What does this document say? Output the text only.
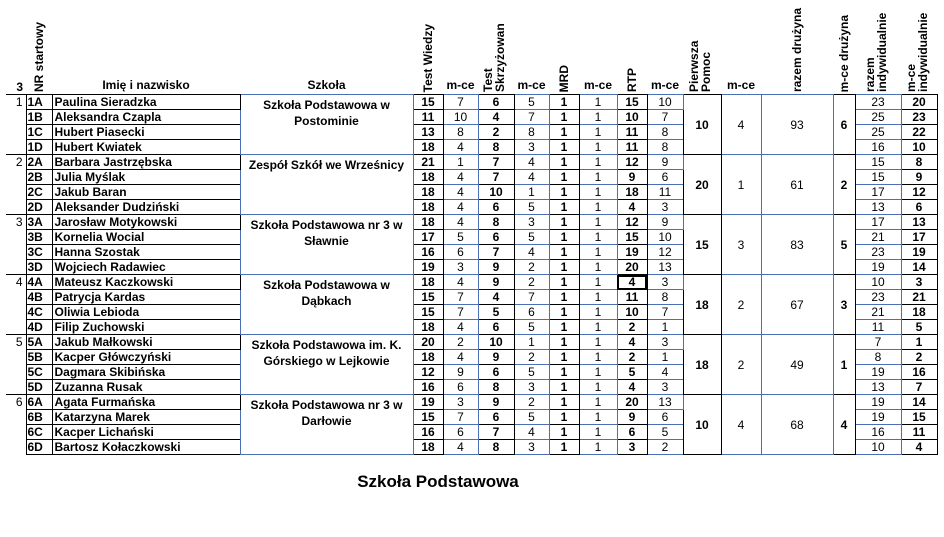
3	NR startowy	Imię i nazwisko	Szkoła	Test Wiedzy	m-ce	Test Skrzyżowan	m-ce	MRD	m-ce	RTP	m-ce	Pierwsza Pomoc	m-ce	razem drużyna	m-ce drużyna	razem indywidualnie	m-ce indywidualnie

1	1A	Paulina Sieradzka	Szkoła Podstawowa w Postominie	15	7	6	5	1	1	15	10	10	4	93	6	23	20
	1B	Aleksandra Czapla		11	10	4	7	1	1	10	7					25	23
	1C	Hubert Piasecki		13	8	2	8	1	1	11	8					25	22
	1D	Hubert Kwiatek		18	4	8	3	1	1	11	8					16	10
2	2A	Barbara Jastrzębska	Zespół Szkół we Wrześnicy	21	1	7	4	1	1	12	9	20	1	61	2	15	8
	2B	Julia Myślak		18	4	7	4	1	1	9	6					15	9
	2C	Jakub Baran		18	4	10	1	1	1	18	11					17	12
	2D	Aleksander Dudziński		18	4	6	5	1	1	4	3					13	6
3	3A	Jarosław Motykowski	Szkoła Podstawowa nr 3 w Sławnie	18	4	8	3	1	1	12	9	15	3	83	5	17	13
	3B	Kornelia Wocial		17	5	6	5	1	1	15	10					21	17
	3C	Hanna Szostak		16	6	7	4	1	1	19	12					23	19
	3D	Wojciech Radawiec		19	3	9	2	1	1	20	13					19	14
4	4A	Mateusz Kaczkowski	Szkoła Podstawowa w Dąbkach	18	4	9	2	1	1	4	3	18	2	67	3	10	3
	4B	Patrycja Kardas		15	7	4	7	1	1	11	8					23	21
	4C	Oliwia Lebioda		15	7	5	6	1	1	10	7					21	18
	4D	Filip Zuchowski		18	4	6	5	1	1	2	1					11	5
5	5A	Jakub Małkowski	Szkoła Podstawowa im. K. Górskiego w Lejkowie	20	2	10	1	1	1	4	3	18	2	49	1	7	1
	5B	Kacper Główczyński		18	4	9	2	1	1	2	1					8	2
	5C	Dagmara Skibińska		12	9	6	5	1	1	5	4					19	16
	5D	Zuzanna Rusak		16	6	8	3	1	1	4	3					13	7
6	6A	Agata Furmańska	Szkoła Podstawowa nr 3 w Darłowie	19	3	9	2	1	1	20	13	10	4	68	4	19	14
	6B	Katarzyna Marek		15	7	6	5	1	1	9	6					19	15
	6C	Kacper Lichański		16	6	7	4	1	1	6	5					16	11
	6D	Bartosz Kołaczkowski		18	4	8	3	1	1	3	2					10	4
Szkoła Podstawowa
